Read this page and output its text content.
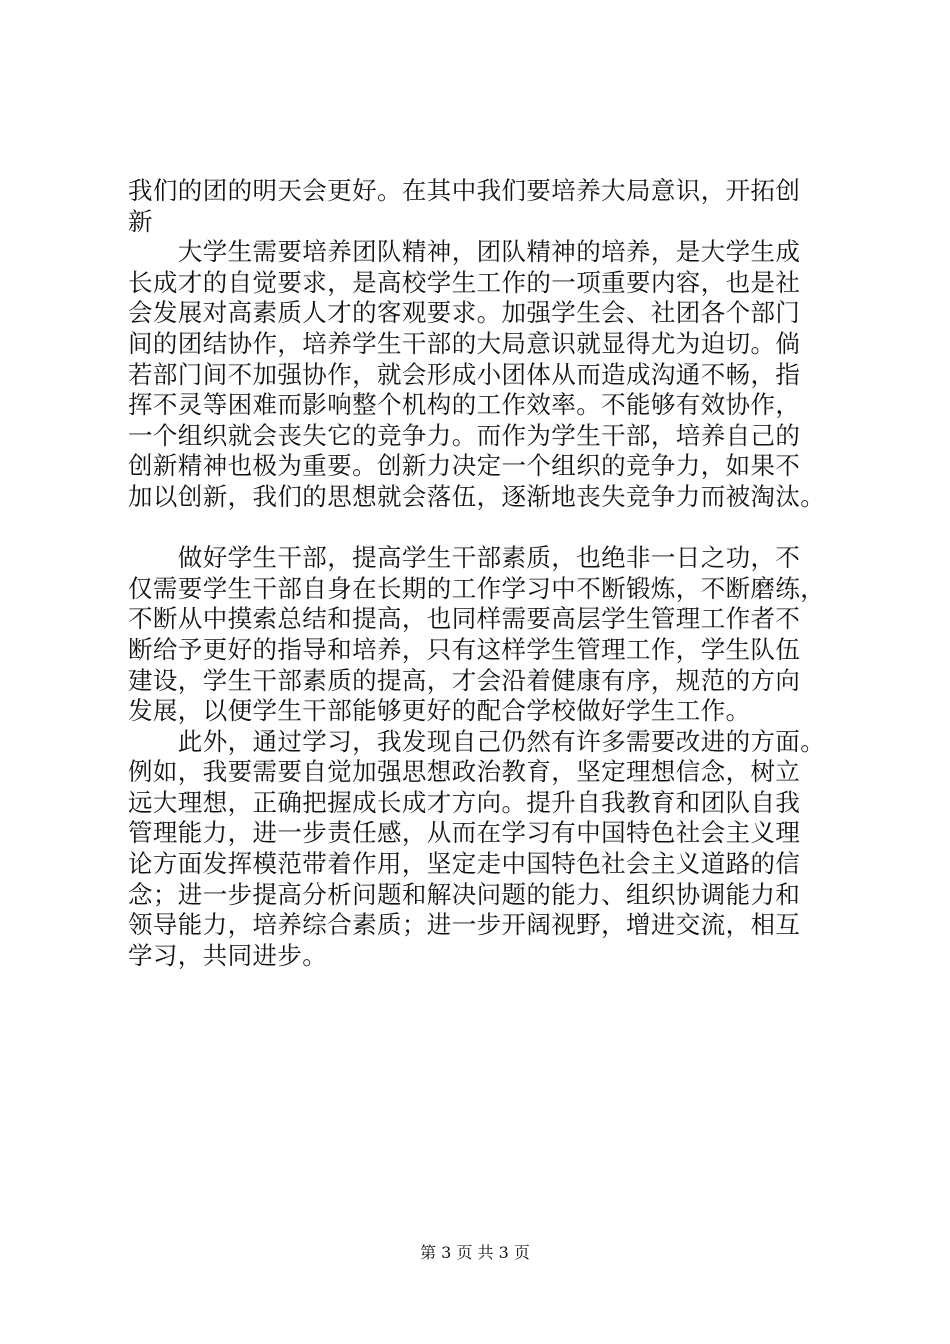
我们的团的明天会更好。在其中我们要培养大局意识，开拓创
新
　　大学生需要培养团队精神，团队精神的培养，是大学生成
长成才的自觉要求，是高校学生工作的一项重要内容，也是社
会发展对高素质人才的客观要求。加强学生会、社团各个部门
间的团结协作，培养学生干部的大局意识就显得尤为迫切。倘
若部门间不加强协作，就会形成小团体从而造成沟通不畅，指
挥不灵等困难而影响整个机构的工作效率。不能够有效协作，
一个组织就会丧失它的竞争力。而作为学生干部，培养自己的
创新精神也极为重要。创新力决定一个组织的竞争力，如果不
加以创新，我们的思想就会落伍，逐渐地丧失竞争力而被淘汰。
　　做好学生干部，提高学生干部素质，也绝非一日之功，不
仅需要学生干部自身在长期的工作学习中不断锻炼，不断磨练，
不断从中摸索总结和提高，也同样需要高层学生管理工作者不
断给予更好的指导和培养，只有这样学生管理工作，学生队伍
建设，学生干部素质的提高，才会沿着健康有序，规范的方向
发展，以便学生干部能够更好的配合学校做好学生工作。
　　此外，通过学习，我发现自己仍然有许多需要改进的方面。
例如，我要需要自觉加强思想政治教育，坚定理想信念，树立
远大理想，正确把握成长成才方向。提升自我教育和团队自我
管理能力，进一步责任感，从而在学习有中国特色社会主义理
论方面发挥模范带着作用，坚定走中国特色社会主义道路的信
念；进一步提高分析问题和解决问题的能力、组织协调能力和
领导能力，培养综合素质；进一步开阔视野，增进交流，相互
学习，共同进步。
第 3 页 共 3 页
